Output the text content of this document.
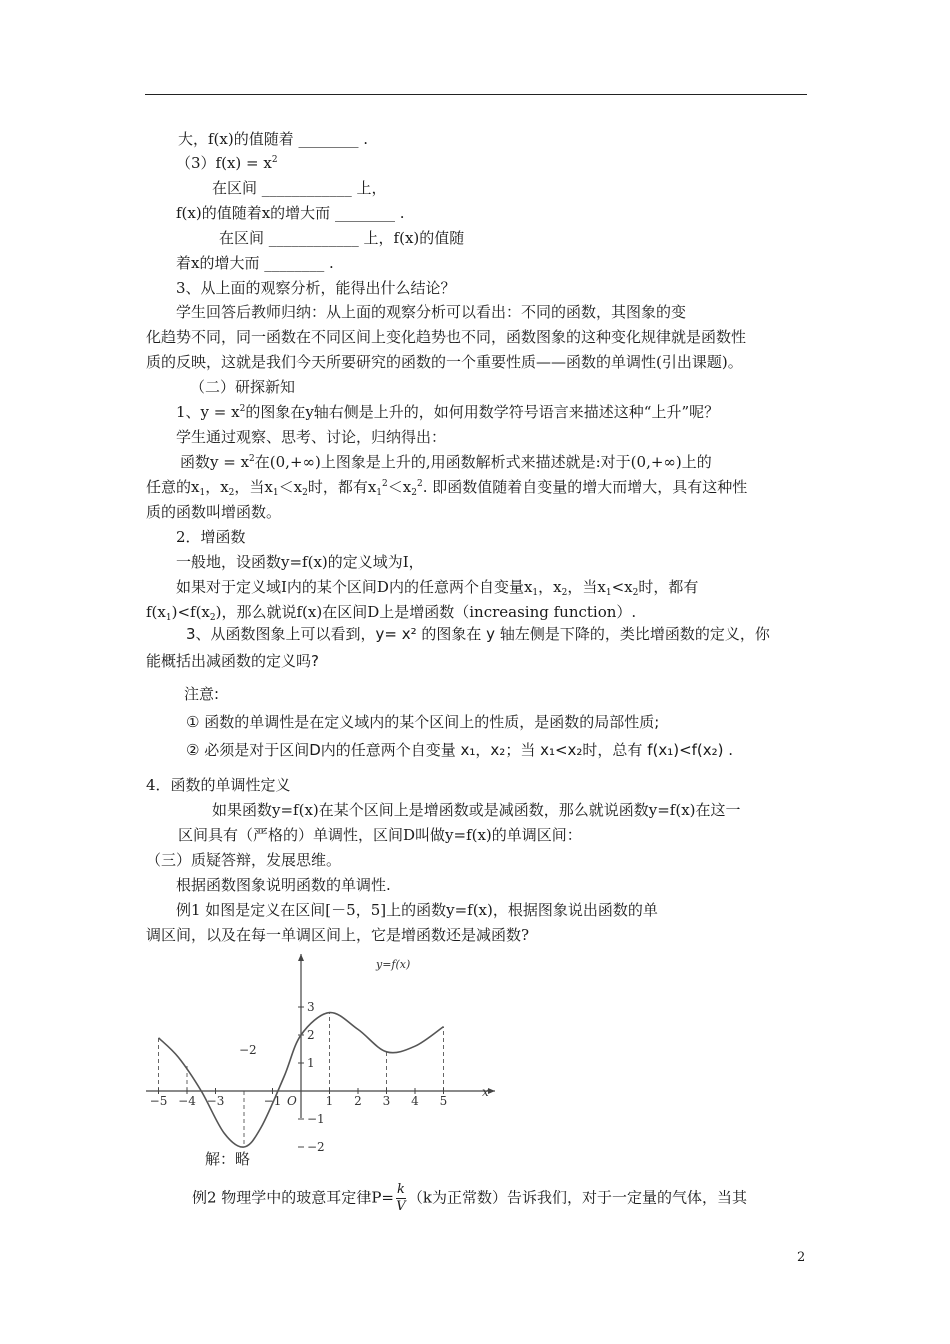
大，f(x)的值随着 ________ .
$(3)f(x) = x^2$
在区间 ____________ 上，
f(x)的值随着x的增大而 ________ .
在区间 ____________ 上，f(x)的值随
着x的增大而 ________ .
3、从上面的观察分析，能得出什么结论？
学生回答后教师归纳：从上面的观察分析可以看出：不同的函数，其图象的变
化趋势不同，同一函数在不同区间上变化趋势也不同，函数图象的这种变化规律就是函数性
质的反映，这就是我们今天所要研究的函数的一个重要性质——函数的单调性(引出课题)。
（二）研探新知
1、$y = x^2$的图象在y轴右侧是上升的，如何用数学符号语言来描述这种“上升”呢？
学生通过观察、思考、讨论，归纳得出：
函数$y = x^2$在(0,+∞)上图象是上升的,用函数解析式来描述就是:对于(0,+∞)上的
任意的$x_1$，$x_2$，当$x_1<x_2$时，都有$x_1^2<x_2^2$. 即函数值随着自变量的增大而增大，具有这种性
质的函数叫增函数。
2．增函数
一般地，设函数y=f(x)的定义域为I，
如果对于定义域I内的某个区间D内的任意两个自变量$x_1$，$x_2$，当$x_1<x_2$时，都有
$f(x_1)<f(x_2)$，那么就说f(x)在区间D上是增函数（increasing function）.
3、从函数图象上可以看到，y= x² 的图象在 y 轴左侧是下降的，类比增函数的定义，你
能概括出减函数的定义吗?
注意:
① 函数的单调性是在定义域内的某个区间上的性质，是函数的局部性质;
② 必须是对于区间D内的任意两个自变量 x₁，x₂；当 x₁<x₂时，总有 f(x₁)<f(x₂) .
4．函数的单调性定义
如果函数y=f(x)在某个区间上是增函数或是减函数，那么就说函数y=f(x)在这一
区间具有（严格的）单调性，区间D叫做y=f(x)的单调区间：
（三）质疑答辩，发展思维。
根据函数图象说明函数的单调性.
例1 如图是定义在区间[－5，5]上的函数y=f(x)，根据图象说出函数的单
调区间，以及在每一单调区间上，它是增函数还是减函数?
−5 −4 −3	−1 O 1 2 3 4 5
3
2
1
−1
−2
y=f(x)
−2
x
解：略
例2 物理学中的玻意耳定律$P= \frac{k}{V} (k$为正常数）告诉我们，对于一定量的气体，当其
2
